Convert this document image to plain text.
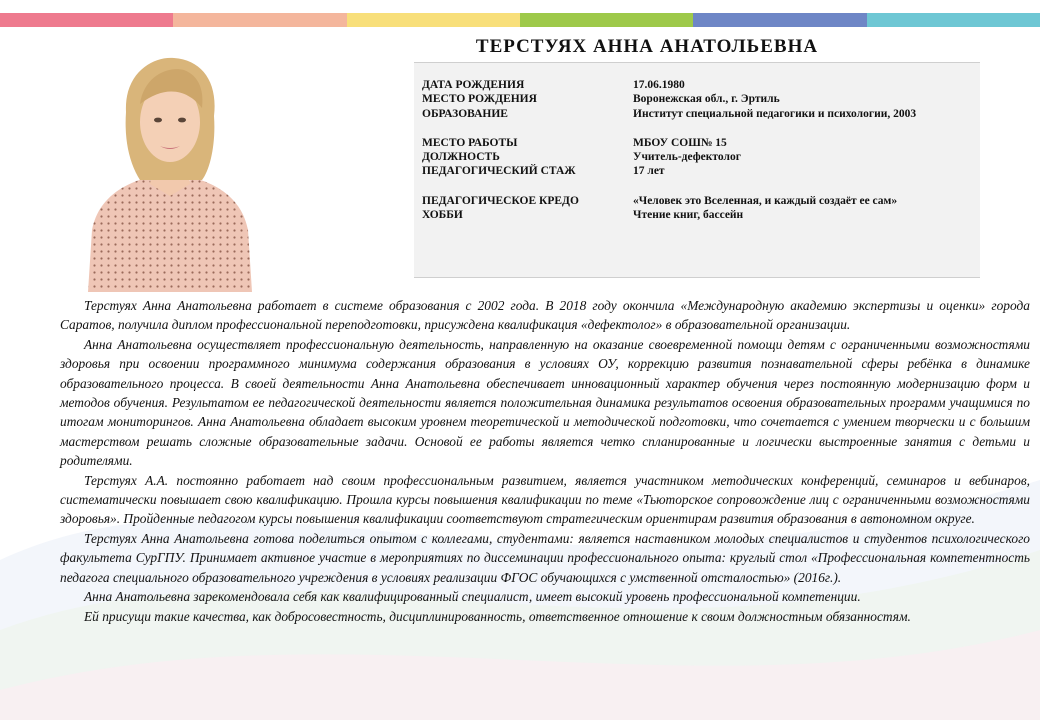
ТЕРСТУЯХ АННА АНАТОЛЬЕВНА
ДАТА РОЖДЕНИЯ	17.06.1980
МЕСТО РОЖДЕНИЯ	Воронежская обл., г. Эртиль
ОБРАЗОВАНИЕ	Институт специальной педагогики и психологии, 2003
МЕСТО РАБОТЫ	МБОУ СОШ№ 15
ДОЛЖНОСТЬ	Учитель-дефектолог
ПЕДАГОГИЧЕСКИЙ СТАЖ	17 лет
ПЕДАГОГИЧЕСКОЕ КРЕДО	«Человек это Вселенная, и каждый создаёт ее сам»
ХОББИ	Чтение книг, бассейн

Терстуях Анна Анатольевна работает в системе образования с 2002 года. В 2018 году окончила «Международную академию экспертизы и оценки» города Саратов, получила диплом профессиональной переподготовки, присуждена квалификация «дефектолог» в образовательной организации.

Анна Анатольевна осуществляет профессиональную деятельность, направленную на оказание своевременной помощи детям с ограниченными возможностями здоровья при освоении программного минимума содержания образования в условиях ОУ, коррекцию развития познавательной сферы ребёнка в динамике образовательного процесса. В своей деятельности Анна Анатольевна обеспечивает инновационный характер обучения через постоянную модернизацию форм и методов обучения. Результатом ее педагогической деятельности является положительная динамика результатов освоения образовательных программ учащимися по итогам мониторингов. Анна Анатольевна обладает высоким уровнем теоретической и методической подготовки, что сочетается с умением творчески и с большим мастерством решать сложные образовательные задачи. Основой ее работы является четко спланированные и логически выстроенные занятия с детьми и родителями.

Терстуях А.А. постоянно работает над своим профессиональным развитием, является участником методических конференций, семинаров и вебинаров, систематически повышает свою квалификацию. Прошла курсы повышения квалификации по теме «Тьюторское сопровождение лиц с ограниченными возможностями здоровья». Пройденные педагогом курсы повышения квалификации соответствуют стратегическим ориентирам развития образования в автономном округе.

Терстуях Анна Анатольевна готова поделиться опытом с коллегами, студентами: является наставником молодых специалистов и студентов психологического факультета СурГПУ. Принимает активное участие в мероприятиях по диссеминации профессионального опыта: круглый стол «Профессиональная компетентность педагога специального образовательного учреждения в условиях реализации ФГОС обучающихся с умственной отсталостью» (2016г.).

Анна Анатольевна зарекомендовала себя как квалифицированный специалист, имеет высокий уровень профессиональной компетенции.

Ей присущи такие качества, как добросовестность, дисциплинированность, ответственное отношение к своим должностным обязанностям.
